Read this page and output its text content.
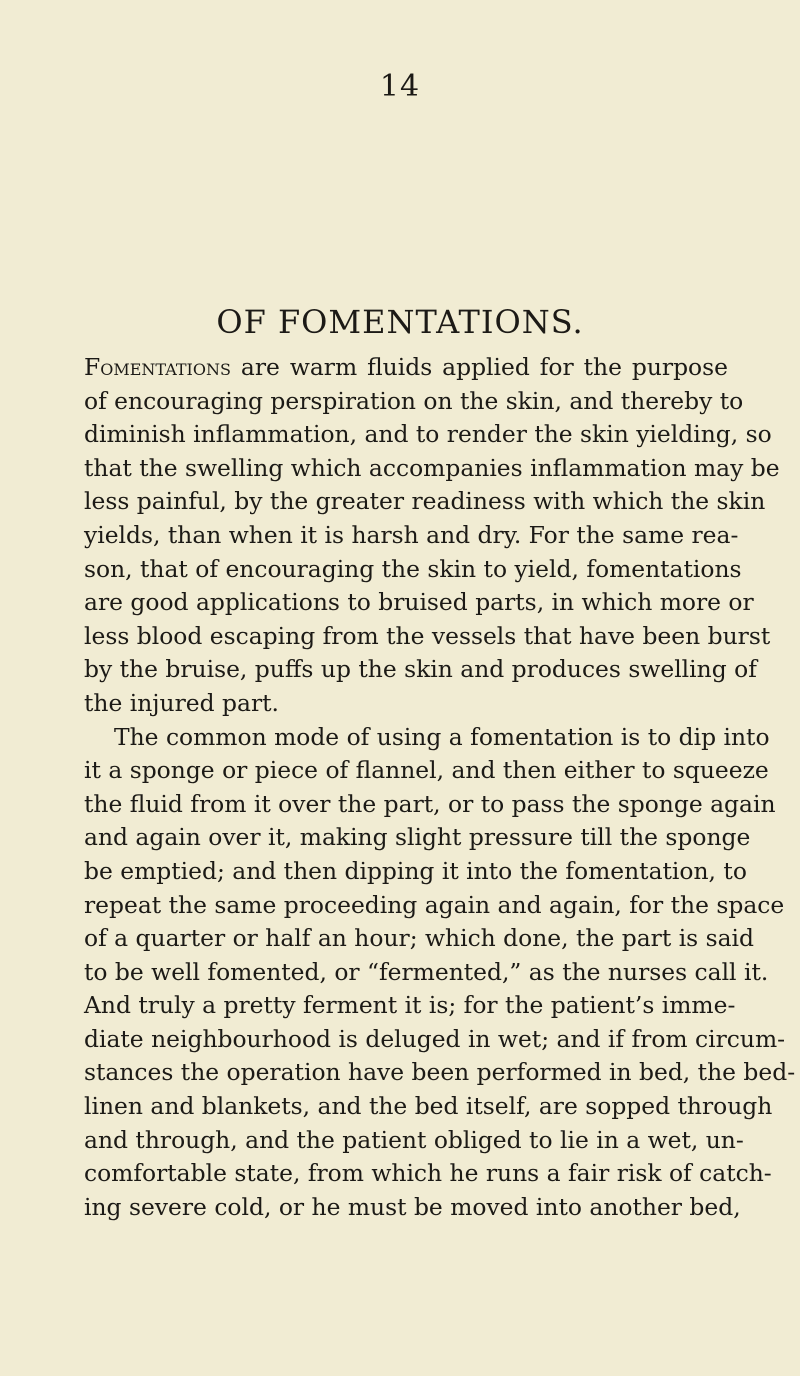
14
OF FOMENTATIONS.
Fomentations are warm fluids applied for the purpose
of encouraging perspiration on the skin, and thereby to
diminish inflammation, and to render the skin yielding, so
that the swelling which accompanies inflammation may be
less painful, by the greater readiness with which the skin
yields, than when it is harsh and dry. For the same rea-
son, that of encouraging the skin to yield, fomentations
are good applications to bruised parts, in which more or
less blood escaping from the vessels that have been burst
by the bruise, puffs up the skin and produces swelling of
the injured part.
The common mode of using a fomentation is to dip into
it a sponge or piece of flannel, and then either to squeeze
the fluid from it over the part, or to pass the sponge again
and again over it, making slight pressure till the sponge
be emptied; and then dipping it into the fomentation, to
repeat the same proceeding again and again, for the space
of a quarter or half an hour; which done, the part is said
to be well fomented, or “fermented,” as the nurses call it.
And truly a pretty ferment it is; for the patient’s imme-
diate neighbourhood is deluged in wet; and if from circum-
stances the operation have been performed in bed, the bed-
linen and blankets, and the bed itself, are sopped through
and through, and the patient obliged to lie in a wet, un-
comfortable state, from which he runs a fair risk of catch-
ing severe cold, or he must be moved into another bed,
